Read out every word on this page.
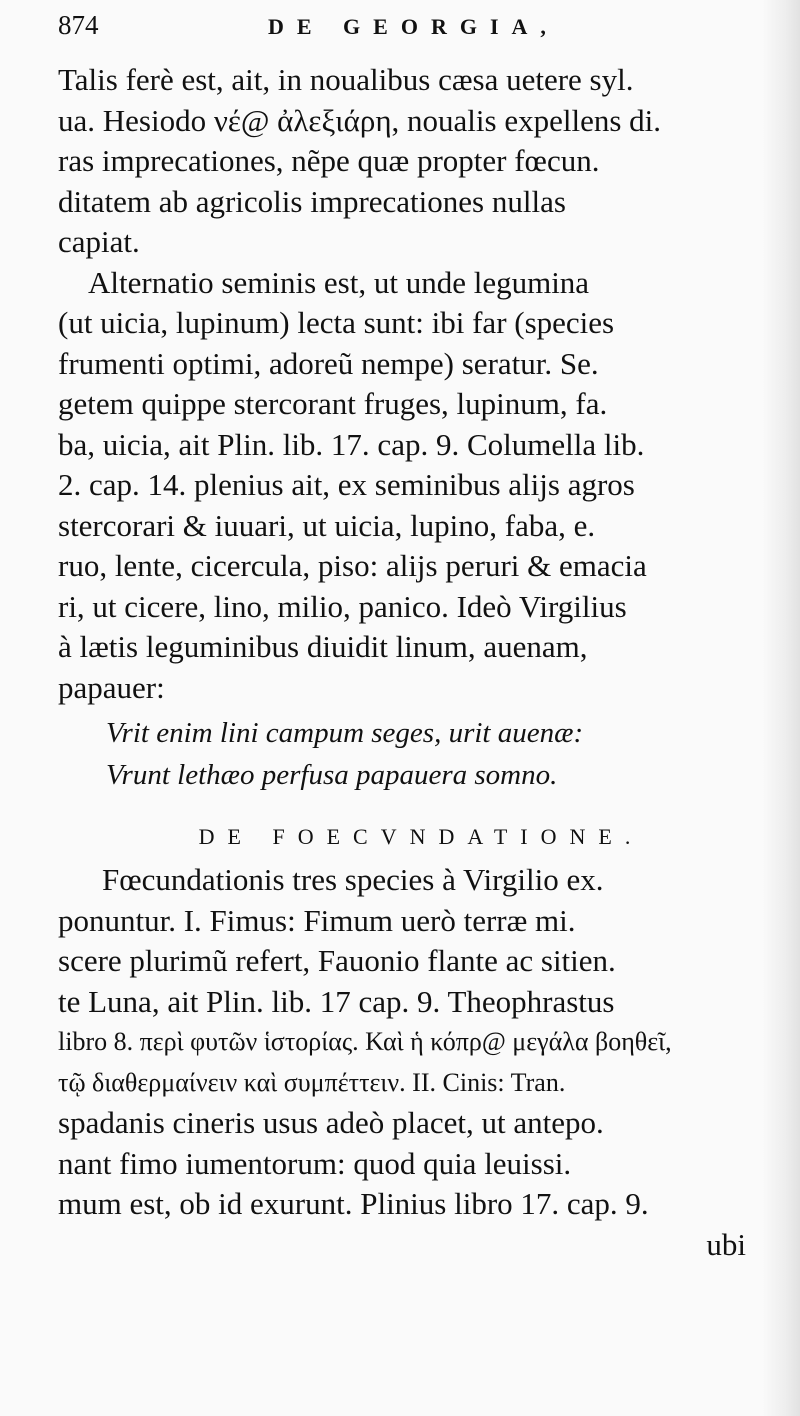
874	DE GEORGIA,

Talis ferè est, ait, in noualibus cæsa uetere syl.
ua. Hesiodo νέ@ ἀλεξιάρη, noualis expellens di.
ras imprecationes, nẽpe quæ propter fœcun.
ditatem ab agricolis imprecationes nullas
capiat.

Alternatio seminis est, ut unde legumina
(ut uicia, lupinum) lecta sunt: ibi far (species
frumenti optimi, adoreũ nempe) seratur. Se.
getem quippe stercorant fruges, lupinum, fa.
ba, uicia, ait Plin. lib. 17. cap. 9. Columella lib.
2. cap. 14. plenius ait, ex seminibus alijs agros
stercorari & iuuari, ut uicia, lupino, faba, e.
ruo, lente, cicercula, piso: alijs peruri & emacia
ri, ut cicere, lino, milio, panico. Ideò Virgilius
à lætis leguminibus diuidit linum, auenam,
papauer:

Vrit enim lini campum seges, urit auenæ:
Vrunt lethæo perfusa papauera somno.
DE FOECVNDATIONE.

Fœcundationis tres species à Virgilio ex.
ponuntur. I. Fimus: Fimum uerò terræ mi.
scere plurimũ refert, Fauonio flante ac sitien.
te Luna, ait Plin. lib. 17 cap. 9. Theophrastus
libro 8. περὶ φυτῶν ἱστορίας. Καὶ ἡ κόπρ@ μεγάλα βοηθεῖ,
τῷ διαθερμαίνειν καὶ συμπέττειν. II. Cinis: Tran.
spadanis cineris usus adeò placet, ut antepo.
nant fimo iumentorum: quod quia leuissi.
mum est, ob id exurunt. Plinius libro 17. cap. 9.

ubi
